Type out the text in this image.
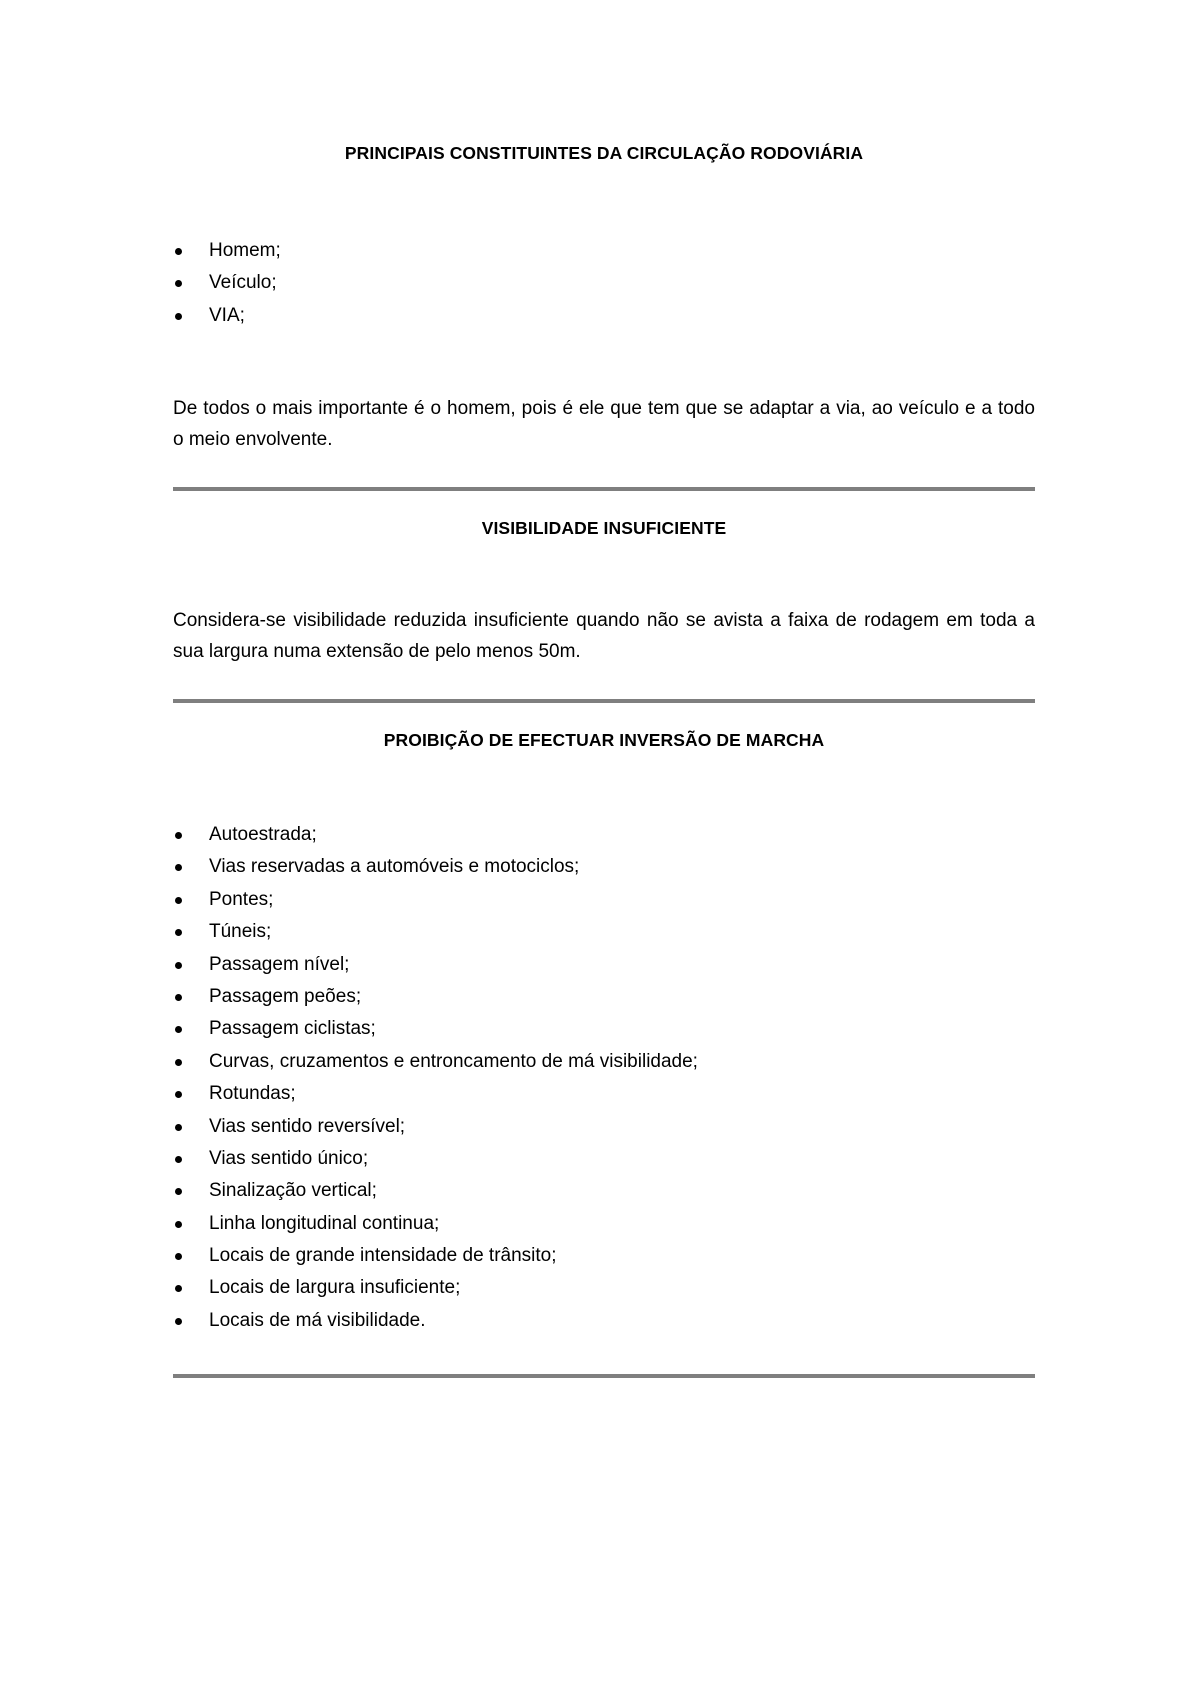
PRINCIPAIS CONSTITUINTES DA CIRCULAÇÃO RODOVIÁRIA
Homem;
Veículo;
VIA;

De todos o mais importante é o homem, pois é ele que tem que se adaptar a via, ao veículo e a todo o meio envolvente.

VISIBILIDADE INSUFICIENTE

Considera-se visibilidade reduzida insuficiente quando não se avista a faixa de rodagem em toda a sua largura numa extensão de pelo menos 50m.

PROIBIÇÃO DE EFECTUAR INVERSÃO DE MARCHA
Autoestrada;
Vias reservadas a automóveis e motociclos;
Pontes;
Túneis;
Passagem nível;
Passagem peões;
Passagem ciclistas;
Curvas, cruzamentos e entroncamento de má visibilidade;
Rotundas;
Vias sentido reversível;
Vias sentido único;
Sinalização vertical;
Linha longitudinal continua;
Locais de grande intensidade de trânsito;
Locais de largura insuficiente;
Locais de má visibilidade.
